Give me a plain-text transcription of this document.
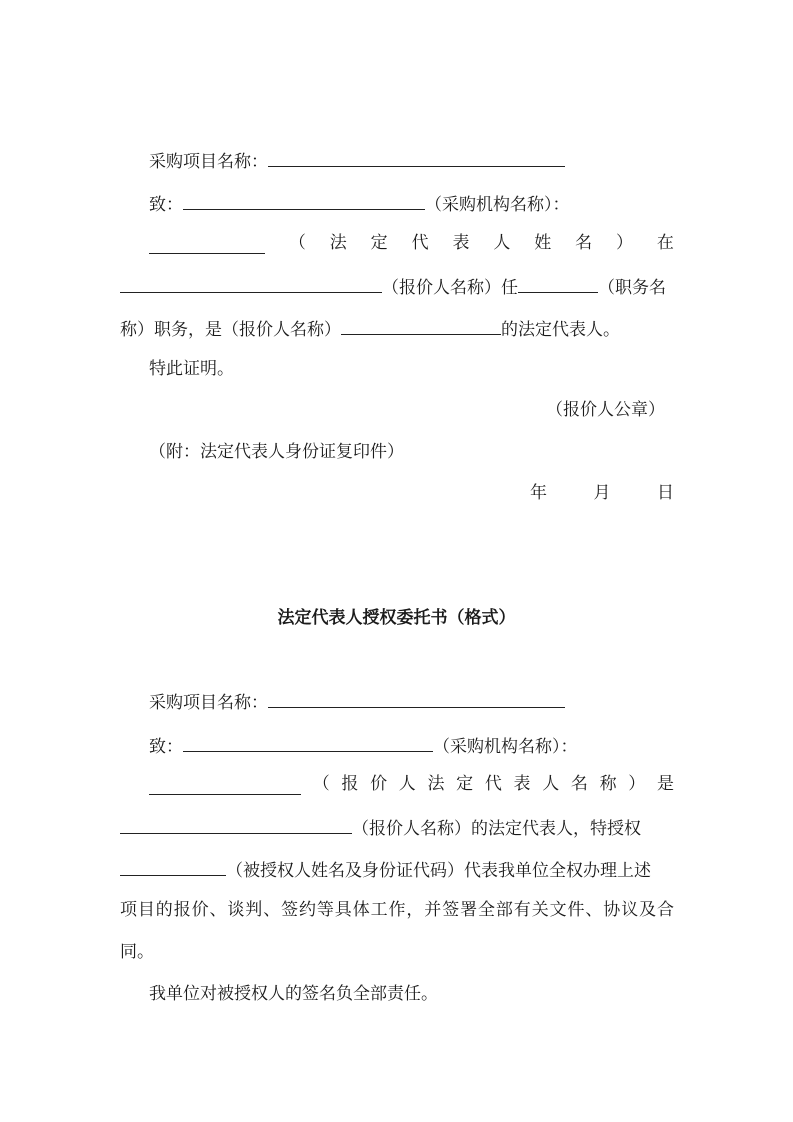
采购项目名称：
致：	（采购机构名称）：
（ 法 定 代 表 人 姓 名 ） 在
（报价人名称）任	（职务名
称）职务，是（报价人名称）	的法定代表人。
特此证明。
（报价人公章）
（附：法定代表人身份证复印件）
年	月	日
法定代表人授权委托书（格式）
采购项目名称：
致：	（采购机构名称）：
（ 报 价 人 法 定 代 表 人 名 称 ） 是
（报价人名称）的法定代表人，特授权
（被授权人姓名及身份证代码）代表我单位全权办理上述
项目的报价、谈判、签约等具体工作，并签署全部有关文件、协议及合
同。
我单位对被授权人的签名负全部责任。
